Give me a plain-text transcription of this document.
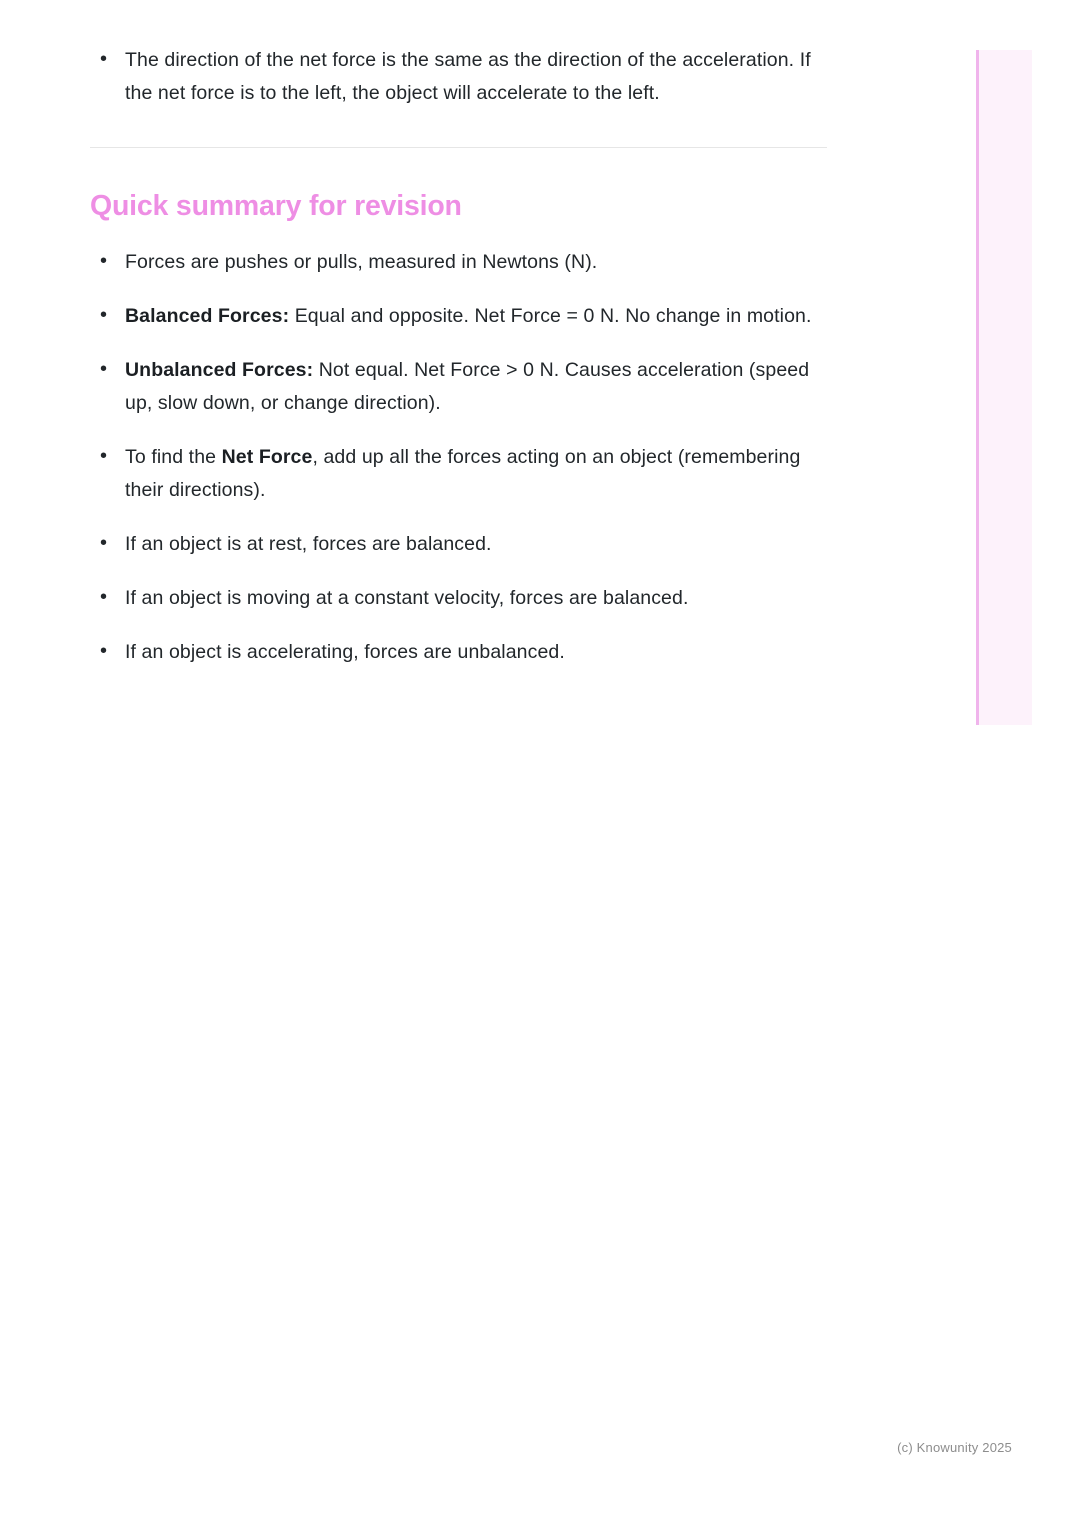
• The direction of the net force is the same as the direction of the acceleration. If the net force is to the left, the object will accelerate to the left.
Quick summary for revision
• Forces are pushes or pulls, measured in Newtons (N).
• Balanced Forces: Equal and opposite. Net Force = 0 N. No change in motion.
• Unbalanced Forces: Not equal. Net Force > 0 N. Causes acceleration (speed up, slow down, or change direction).
• To find the Net Force, add up all the forces acting on an object (remembering their directions).
• If an object is at rest, forces are balanced.
• If an object is moving at a constant velocity, forces are balanced.
• If an object is accelerating, forces are unbalanced.
(c) Knowunity 2025
